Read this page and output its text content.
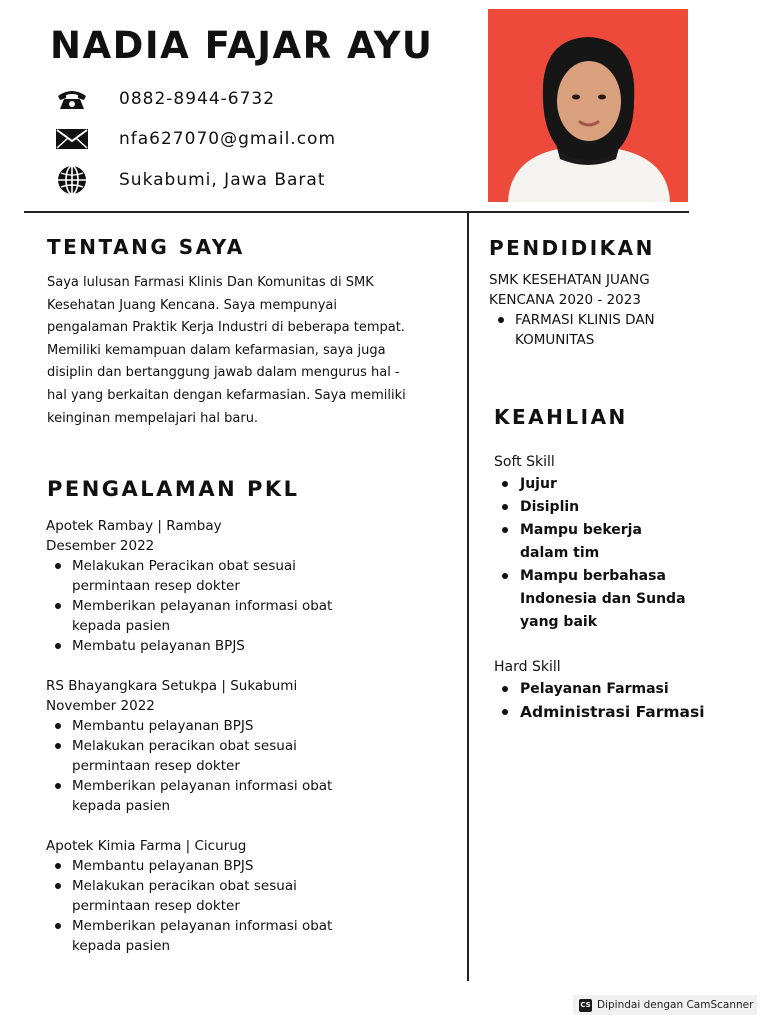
NADIA FAJAR AYU
0882-8944-6732
nfa627070@gmail.com
Sukabumi, Jawa Barat
TENTANG SAYA
Saya lulusan Farmasi Klinis Dan Komunitas di SMK Kesehatan Juang Kencana. Saya mempunyai pengalaman Praktik Kerja Industri di beberapa tempat. Memiliki kemampuan dalam kefarmasian, saya juga disiplin dan bertanggung jawab dalam mengurus hal - hal yang berkaitan dengan kefarmasian. Saya memiliki keinginan mempelajari hal baru.
PENGALAMAN PKL
Apotek Rambay | Rambay
Desember 2022
Melakukan Peracikan obat sesuai permintaan resep dokter
Memberikan pelayanan informasi obat kepada pasien
Membatu pelayanan BPJS
RS Bhayangkara Setukpa | Sukabumi
November 2022
Membantu pelayanan BPJS
Melakukan peracikan obat sesuai permintaan resep dokter
Memberikan pelayanan informasi obat kepada pasien
Apotek Kimia Farma | Cicurug
Membantu pelayanan BPJS
Melakukan peracikan obat sesuai permintaan resep dokter
Memberikan pelayanan informasi obat kepada pasien
PENDIDIKAN
SMK KESEHATAN JUANG KENCANA 2020 - 2023
FARMASI KLINIS DAN KOMUNITAS
KEAHLIAN
Soft Skill
Jujur
Disiplin
Mampu bekerja dalam tim
Mampu berbahasa Indonesia dan Sunda yang baik
Hard Skill
Pelayanan Farmasi
Administrasi Farmasi
CS Dipindai dengan CamScanner
